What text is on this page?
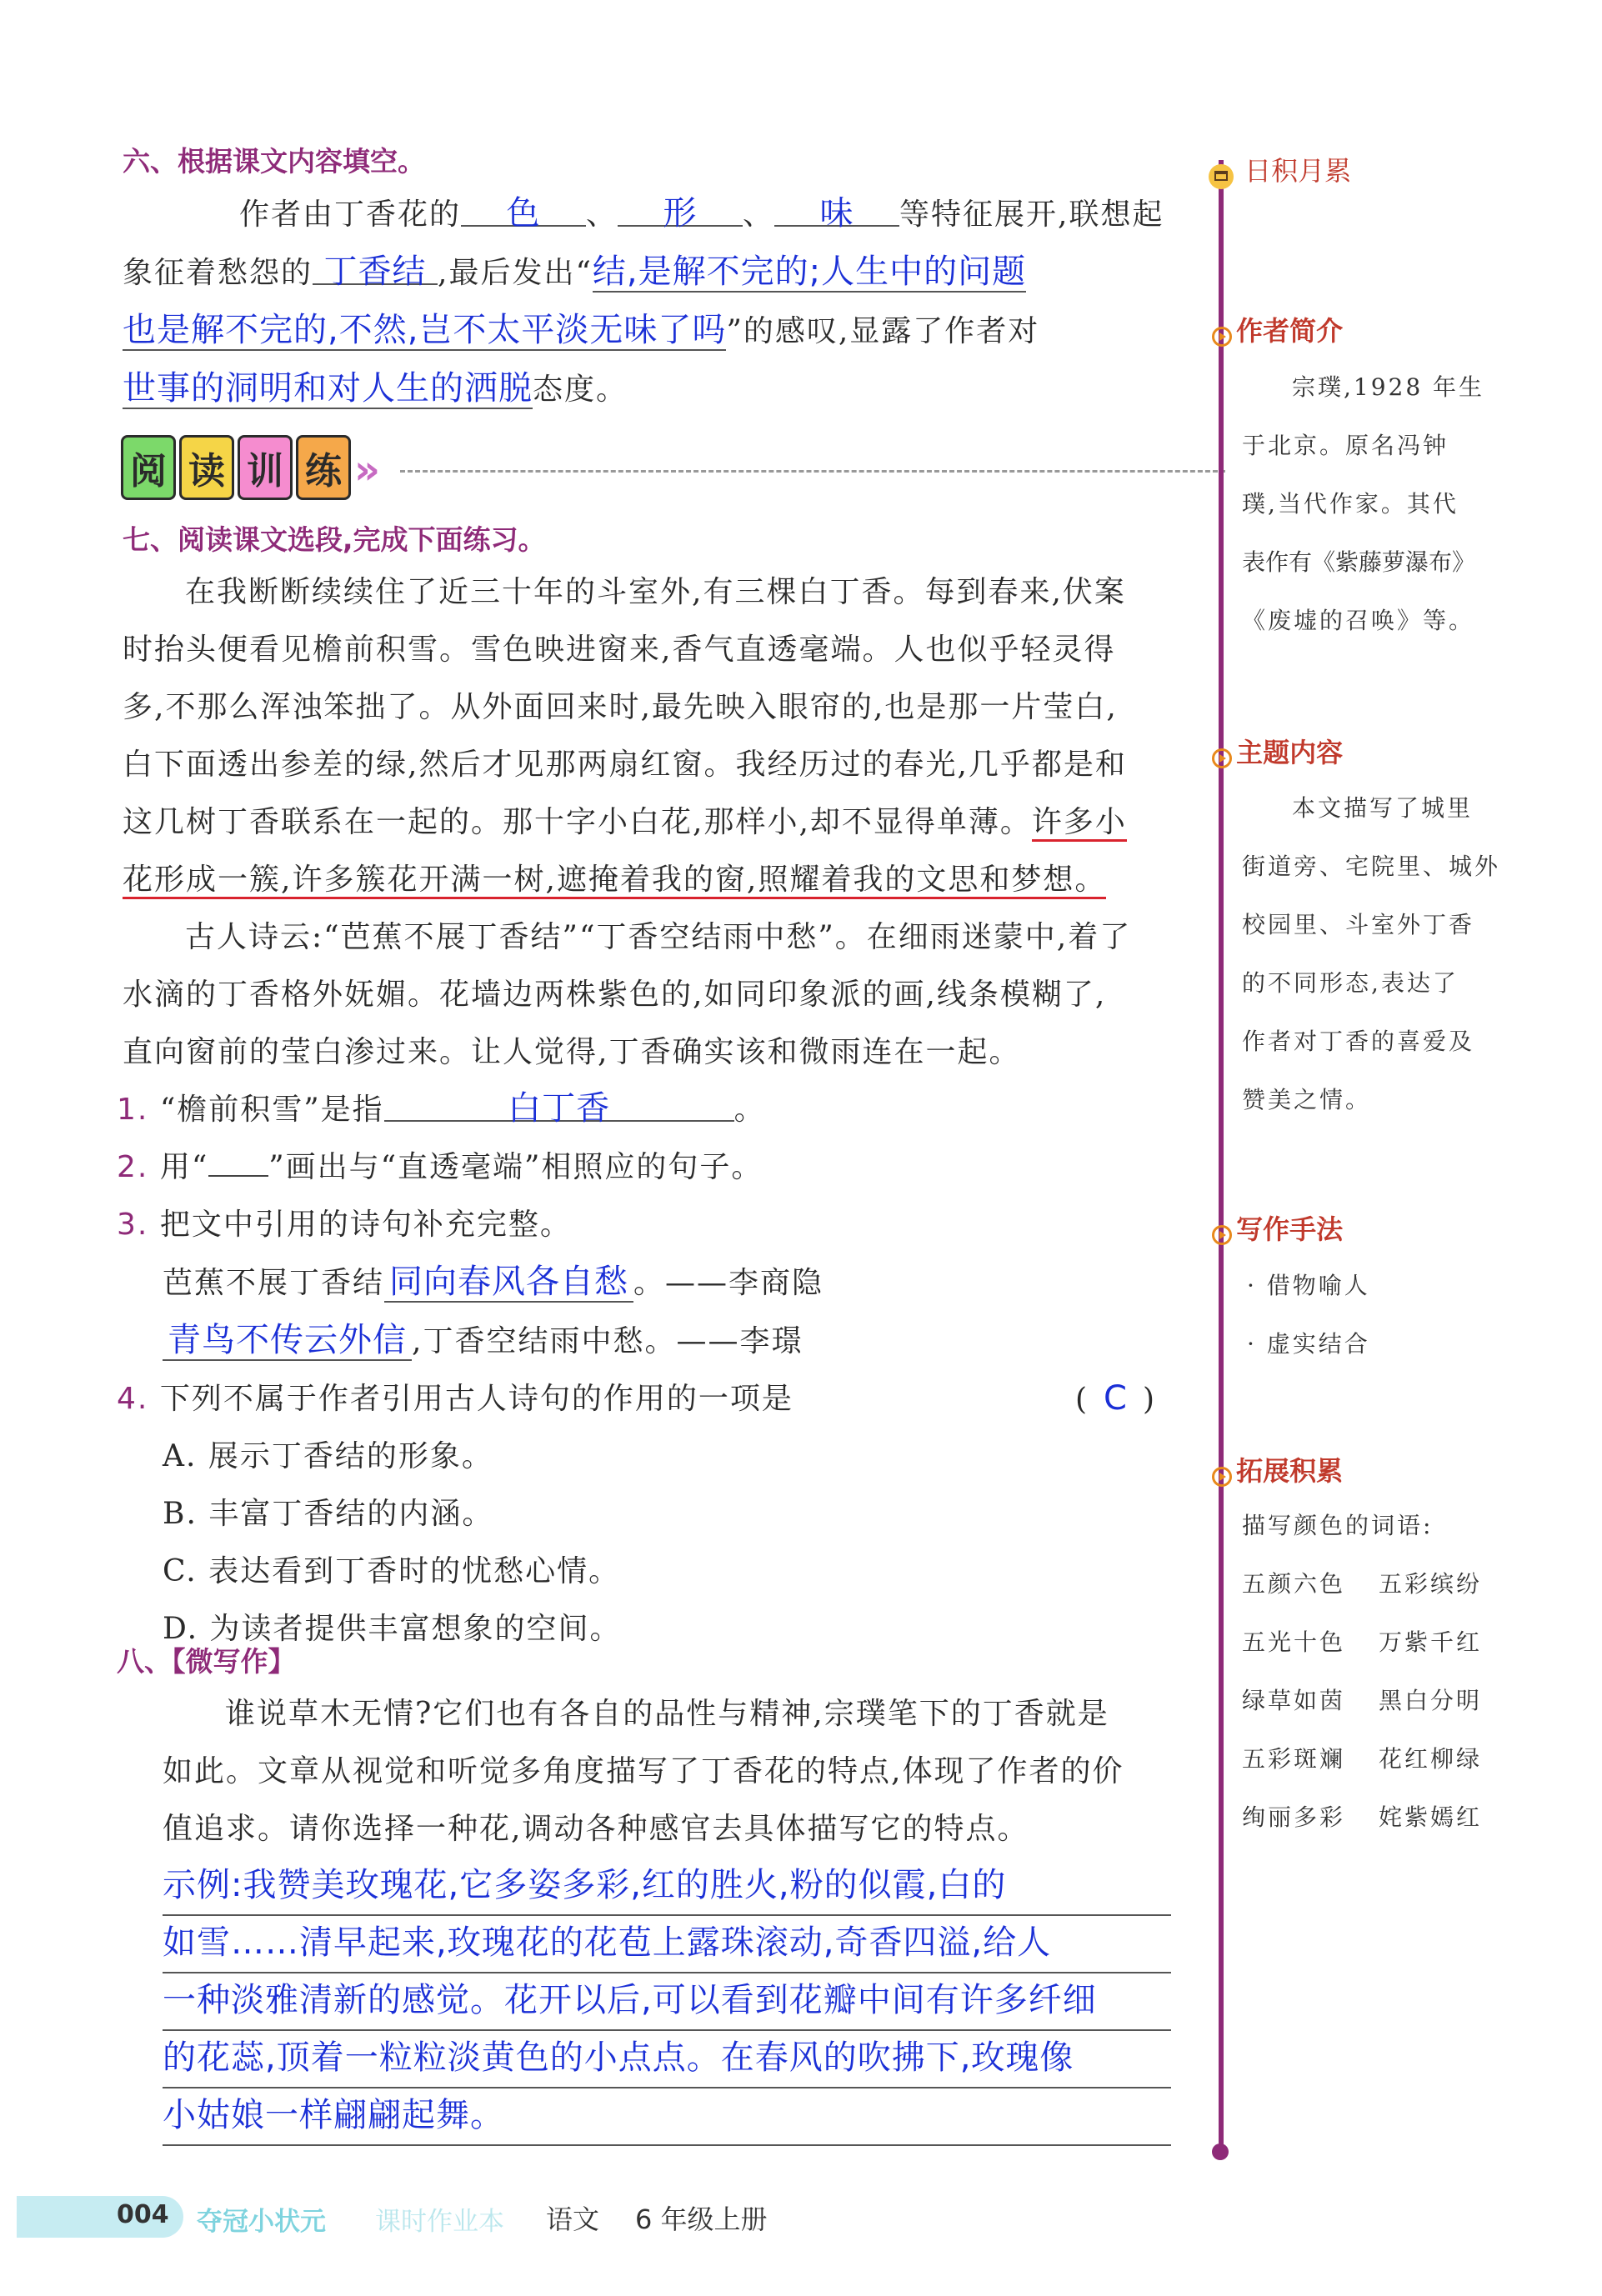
六、根据课文内容填空。
作者由丁香花的 色 、 形 、 味 等特征展开,联想起
象征着愁怨的 丁香结 ,最后发出“结,是解不完的;人生中的问题
也是解不完的,不然,岂不太平淡无味了吗”的感叹,显露了作者对
世事的洞明和对人生的洒脱态度。
阅 读 训 练 »
七、阅读课文选段,完成下面练习。
在我断断续续住了近三十年的斗室外,有三棵白丁香。每到春来,伏案
时抬头便看见檐前积雪。雪色映进窗来,香气直透毫端。人也似乎轻灵得
多,不那么浑浊笨拙了。从外面回来时,最先映入眼帘的,也是那一片莹白,
白下面透出参差的绿,然后才见那两扇红窗。我经历过的春光,几乎都是和
这几树丁香联系在一起的。那十字小白花,那样小,却不显得单薄。许多小
花形成一簇,许多簇花开满一树,遮掩着我的窗,照耀着我的文思和梦想。
古人诗云:“芭蕉不展丁香结”“丁香空结雨中愁”。在细雨迷蒙中,着了
水滴的丁香格外妩媚。花墙边两株紫色的,如同印象派的画,线条模糊了,
直向窗前的莹白渗过来。让人觉得,丁香确实该和微雨连在一起。
1. “檐前积雪”是指	白丁香	。
2. 用“ ”画出与“直透毫端”相照应的句子。
3. 把文中引用的诗句补充完整。
芭蕉不展丁香结 同向春风各自愁 。——李商隐
青鸟不传云外信 ,丁香空结雨中愁。——李璟
4. 下列不属于作者引用古人诗句的作用的一项是	( C )
A. 展示丁香结的形象。
B. 丰富丁香结的内涵。
C. 表达看到丁香时的忧愁心情。
D. 为读者提供丰富想象的空间。
八、【微写作】
谁说草木无情?它们也有各自的品性与精神,宗璞笔下的丁香就是
如此。文章从视觉和听觉多角度描写了丁香花的特点,体现了作者的价
值追求。请你选择一种花,调动各种感官去具体描写它的特点。
示例:我赞美玫瑰花,它多姿多彩,红的胜火,粉的似霞,白的
如雪……清早起来,玫瑰花的花苞上露珠滚动,奇香四溢,给人
一种淡雅清新的感觉。花开以后,可以看到花瓣中间有许多纤细
的花蕊,顶着一粒粒淡黄色的小点点。在春风的吹拂下,玫瑰像
小姑娘一样翩翩起舞。
日积月累
作者简介
宗璞,1928 年生
于北京。原名冯钟
璞,当代作家。其代
表作有《紫藤萝瀑布》
《废墟的召唤》等。
主题内容
本文描写了城里
街道旁、宅院里、城外
校园里、斗室外丁香
的不同形态,表达了
作者对丁香的喜爱及
赞美之情。
写作手法
· 借物喻人
· 虚实结合
拓展积累
描写颜色的词语:
五颜六色 五彩缤纷
五光十色 万紫千红
绿草如茵 黑白分明
五彩斑斓 花红柳绿
绚丽多彩 姹紫嫣红
004 夺冠小状元 课时作业本 语文 6 年级上册
